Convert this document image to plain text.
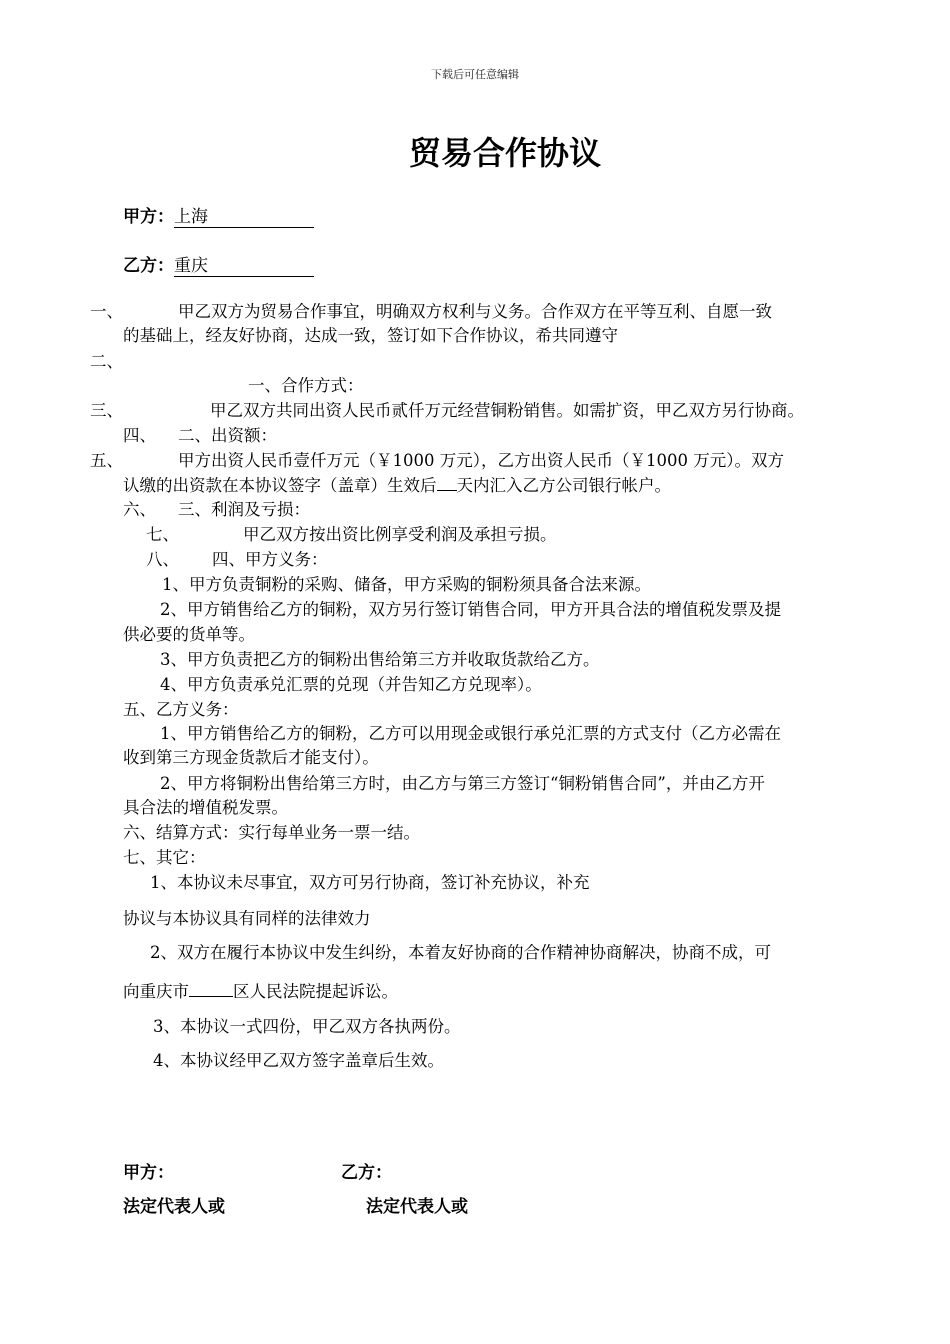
下载后可任意编辑
贸易合作协议
甲方：上海
乙方：重庆
一、	甲乙双方为贸易合作事宜，明确双方权利与义务。合作双方在平等互利、自愿一致
的基础上，经友好协商，达成一致，签订如下合作协议，希共同遵守
二、
一、合作方式：
三、	甲乙双方共同出资人民币贰仟万元经营铜粉销售。如需扩资，甲乙双方另行协商。
四、 二、出资额：
五、	甲方出资人民币壹仟万元（￥1000 万元），乙方出资人民币（￥1000 万元）。双方
认缴的出资款在本协议签字（盖章）生效后 天内汇入乙方公司银行帐户。
六、 三、利润及亏损：
七、	甲乙双方按出资比例享受利润及承担亏损。
八、 四、甲方义务：
1、甲方负责铜粉的采购、储备，甲方采购的铜粉须具备合法来源。
2、甲方销售给乙方的铜粉，双方另行签订销售合同，甲方开具合法的增值税发票及提
供必要的货单等。
3、甲方负责把乙方的铜粉出售给第三方并收取货款给乙方。
4、甲方负责承兑汇票的兑现（并告知乙方兑现率）。
五、乙方义务：
1、甲方销售给乙方的铜粉，乙方可以用现金或银行承兑汇票的方式支付（乙方必需在
收到第三方现金货款后才能支付）。
2、甲方将铜粉出售给第三方时，由乙方与第三方签订“铜粉销售合同”，并由乙方开
具合法的增值税发票。
六、结算方式：实行每单业务一票一结。
七、其它：
1、本协议未尽事宜，双方可另行协商，签订补充协议，补充
协议与本协议具有同样的法律效力
2、双方在履行本协议中发生纠纷，本着友好协商的合作精神协商解决，协商不成，可
向重庆市	区人民法院提起诉讼。
3、本协议一式四份，甲乙双方各执两份。
4、本协议经甲乙双方签字盖章后生效。
甲方：	乙方：
法定代表人或	法定代表人或
